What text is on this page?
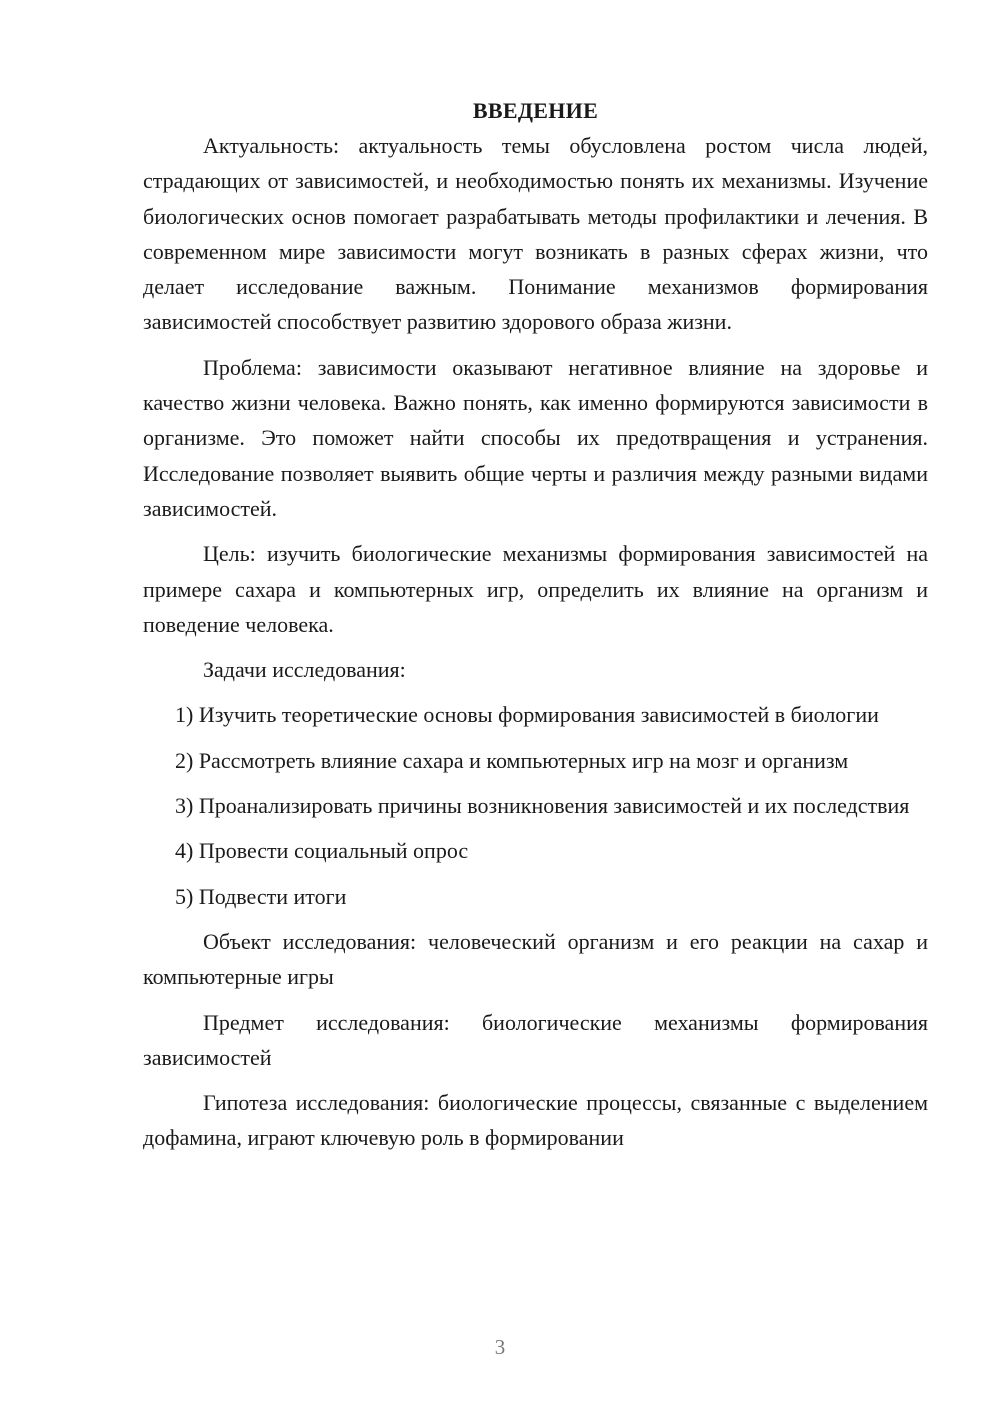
ВВЕДЕНИЕ

Актуальность: актуальность темы обусловлена ростом числа людей, страдающих от зависимостей, и необходимостью понять их механизмы. Изучение биологических основ помогает разрабатывать методы профилактики и лечения. В современном мире зависимости могут возникать в разных сферах жизни, что делает исследование важным. Понимание механизмов формирования зависимостей способствует развитию здорового образа жизни.

Проблема: зависимости оказывают негативное влияние на здоровье и качество жизни человека. Важно понять, как именно формируются зависимости в организме. Это поможет найти способы их предотвращения и устранения. Исследование позволяет выявить общие черты и различия между разными видами зависимостей.

Цель: изучить биологические механизмы формирования зависимостей на примере сахара и компьютерных игр, определить их влияние на организм и поведение человека.

Задачи исследования:

1) Изучить теоретические основы формирования зависимостей в биологии

2) Рассмотреть влияние сахара и компьютерных игр на мозг и организм

3) Проанализировать причины возникновения зависимостей и их последствия

4) Провести социальный опрос

5) Подвести итоги

Объект исследования: человеческий организм и его реакции на сахар и компьютерные игры

Предмет исследования: биологические механизмы формирования зависимостей

Гипотеза исследования: биологические процессы, связанные с выделением дофамина, играют ключевую роль в формировании

3
